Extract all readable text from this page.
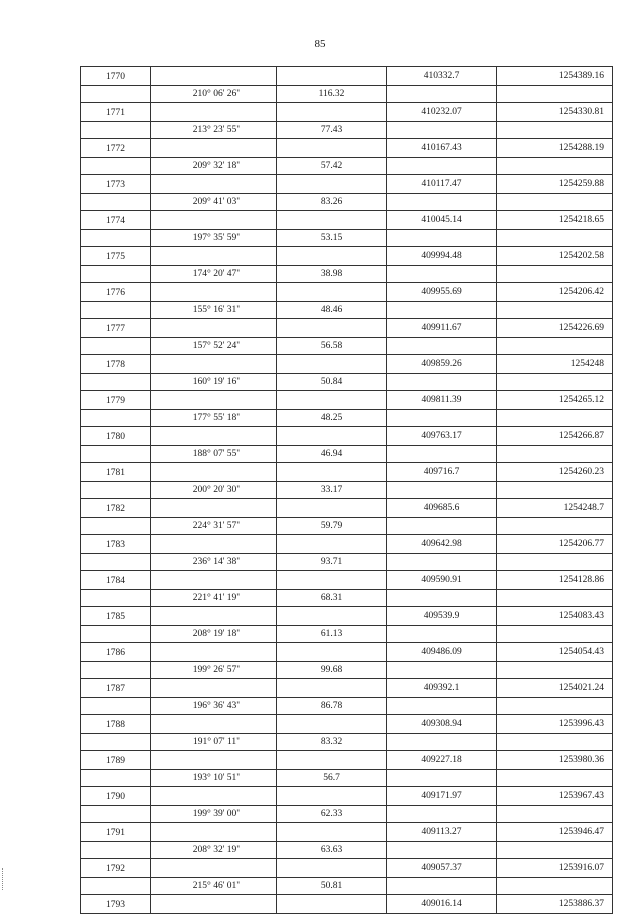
85
1770			410332.7	1254389.16
	210° 06' 26"	116.32		
1771			410232.07	1254330.81
	213° 23' 55"	77.43		
1772			410167.43	1254288.19
	209° 32' 18"	57.42		
1773			410117.47	1254259.88
	209° 41' 03"	83.26		
1774			410045.14	1254218.65
	197° 35' 59"	53.15		
1775			409994.48	1254202.58
	174° 20' 47"	38.98		
1776			409955.69	1254206.42
	155° 16' 31"	48.46		
1777			409911.67	1254226.69
	157° 52' 24"	56.58		
1778			409859.26	1254248
	160° 19' 16"	50.84		
1779			409811.39	1254265.12
	177° 55' 18"	48.25		
1780			409763.17	1254266.87
	188° 07' 55"	46.94		
1781			409716.7	1254260.23
	200° 20' 30"	33.17		
1782			409685.6	1254248.7
	224° 31' 57"	59.79		
1783			409642.98	1254206.77
	236° 14' 38"	93.71		
1784			409590.91	1254128.86
	221° 41' 19"	68.31		
1785			409539.9	1254083.43
	208° 19' 18"	61.13		
1786			409486.09	1254054.43
	199° 26' 57"	99.68		
1787			409392.1	1254021.24
	196° 36' 43"	86.78		
1788			409308.94	1253996.43
	191° 07' 11"	83.32		
1789			409227.18	1253980.36
	193° 10' 51"	56.7		
1790			409171.97	1253967.43
	199° 39' 00"	62.33		
1791			409113.27	1253946.47
	208° 32' 19"	63.63		
1792			409057.37	1253916.07
	215° 46' 01"	50.81		
1793			409016.14	1253886.37
